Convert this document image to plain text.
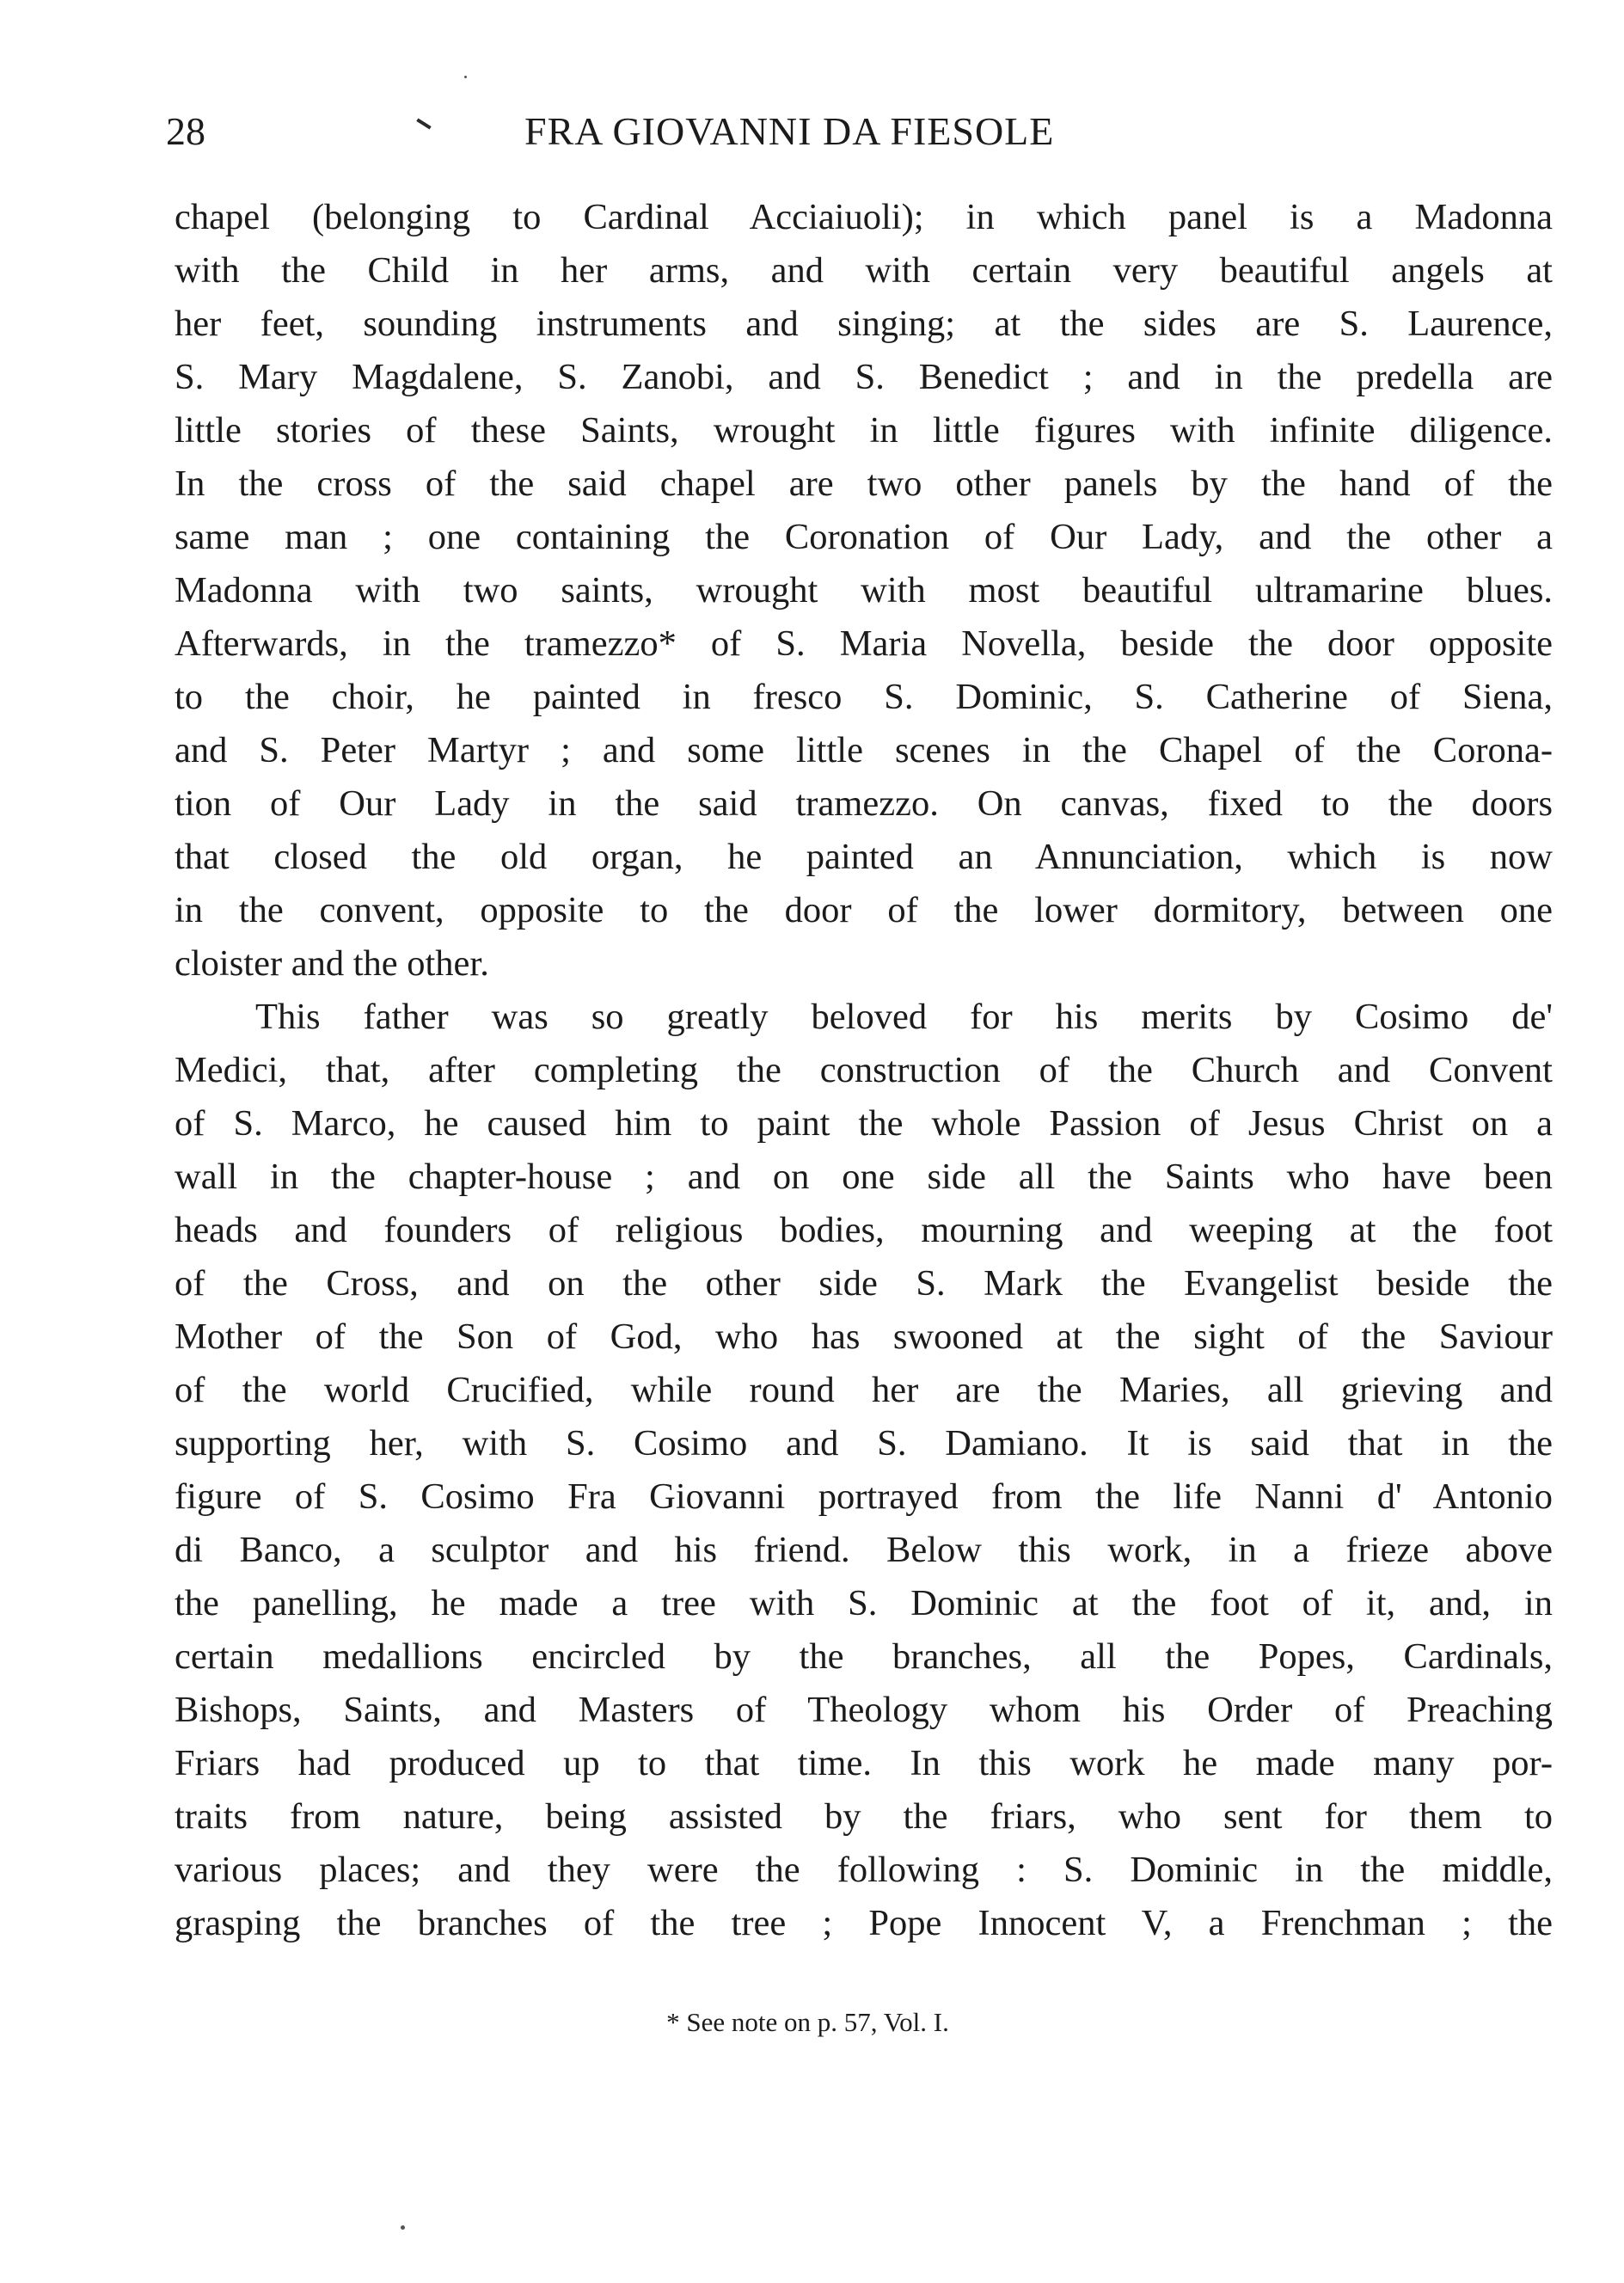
28	FRA GIOVANNI DA FIESOLE
chapel (belonging to Cardinal Acciaiuoli); in which panel is a Madonna
with the Child in her arms, and with certain very beautiful angels at
her feet, sounding instruments and singing; at the sides are S. Laurence,
S. Mary Magdalene, S. Zanobi, and S. Benedict ; and in the predella are
little stories of these Saints, wrought in little figures with infinite diligence.
In the cross of the said chapel are two other panels by the hand of the
same man ; one containing the Coronation of Our Lady, and the other a
Madonna with two saints, wrought with most beautiful ultramarine blues.
Afterwards, in the tramezzo* of S. Maria Novella, beside the door opposite
to the choir, he painted in fresco S. Dominic, S. Catherine of Siena,
and S. Peter Martyr ; and some little scenes in the Chapel of the Corona-
tion of Our Lady in the said tramezzo. On canvas, fixed to the doors
that closed the old organ, he painted an Annunciation, which is now
in the convent, opposite to the door of the lower dormitory, between one
cloister and the other.
This father was so greatly beloved for his merits by Cosimo de'
Medici, that, after completing the construction of the Church and Convent
of S. Marco, he caused him to paint the whole Passion of Jesus Christ on a
wall in the chapter-house ; and on one side all the Saints who have been
heads and founders of religious bodies, mourning and weeping at the foot
of the Cross, and on the other side S. Mark the Evangelist beside the
Mother of the Son of God, who has swooned at the sight of the Saviour
of the world Crucified, while round her are the Maries, all grieving and
supporting her, with S. Cosimo and S. Damiano. It is said that in the
figure of S. Cosimo Fra Giovanni portrayed from the life Nanni d' Antonio
di Banco, a sculptor and his friend. Below this work, in a frieze above
the panelling, he made a tree with S. Dominic at the foot of it, and, in
certain medallions encircled by the branches, all the Popes, Cardinals,
Bishops, Saints, and Masters of Theology whom his Order of Preaching
Friars had produced up to that time. In this work he made many por-
traits from nature, being assisted by the friars, who sent for them to
various places; and they were the following : S. Dominic in the middle,
grasping the branches of the tree ; Pope Innocent V, a Frenchman ; the
* See note on p. 57, Vol. I.
